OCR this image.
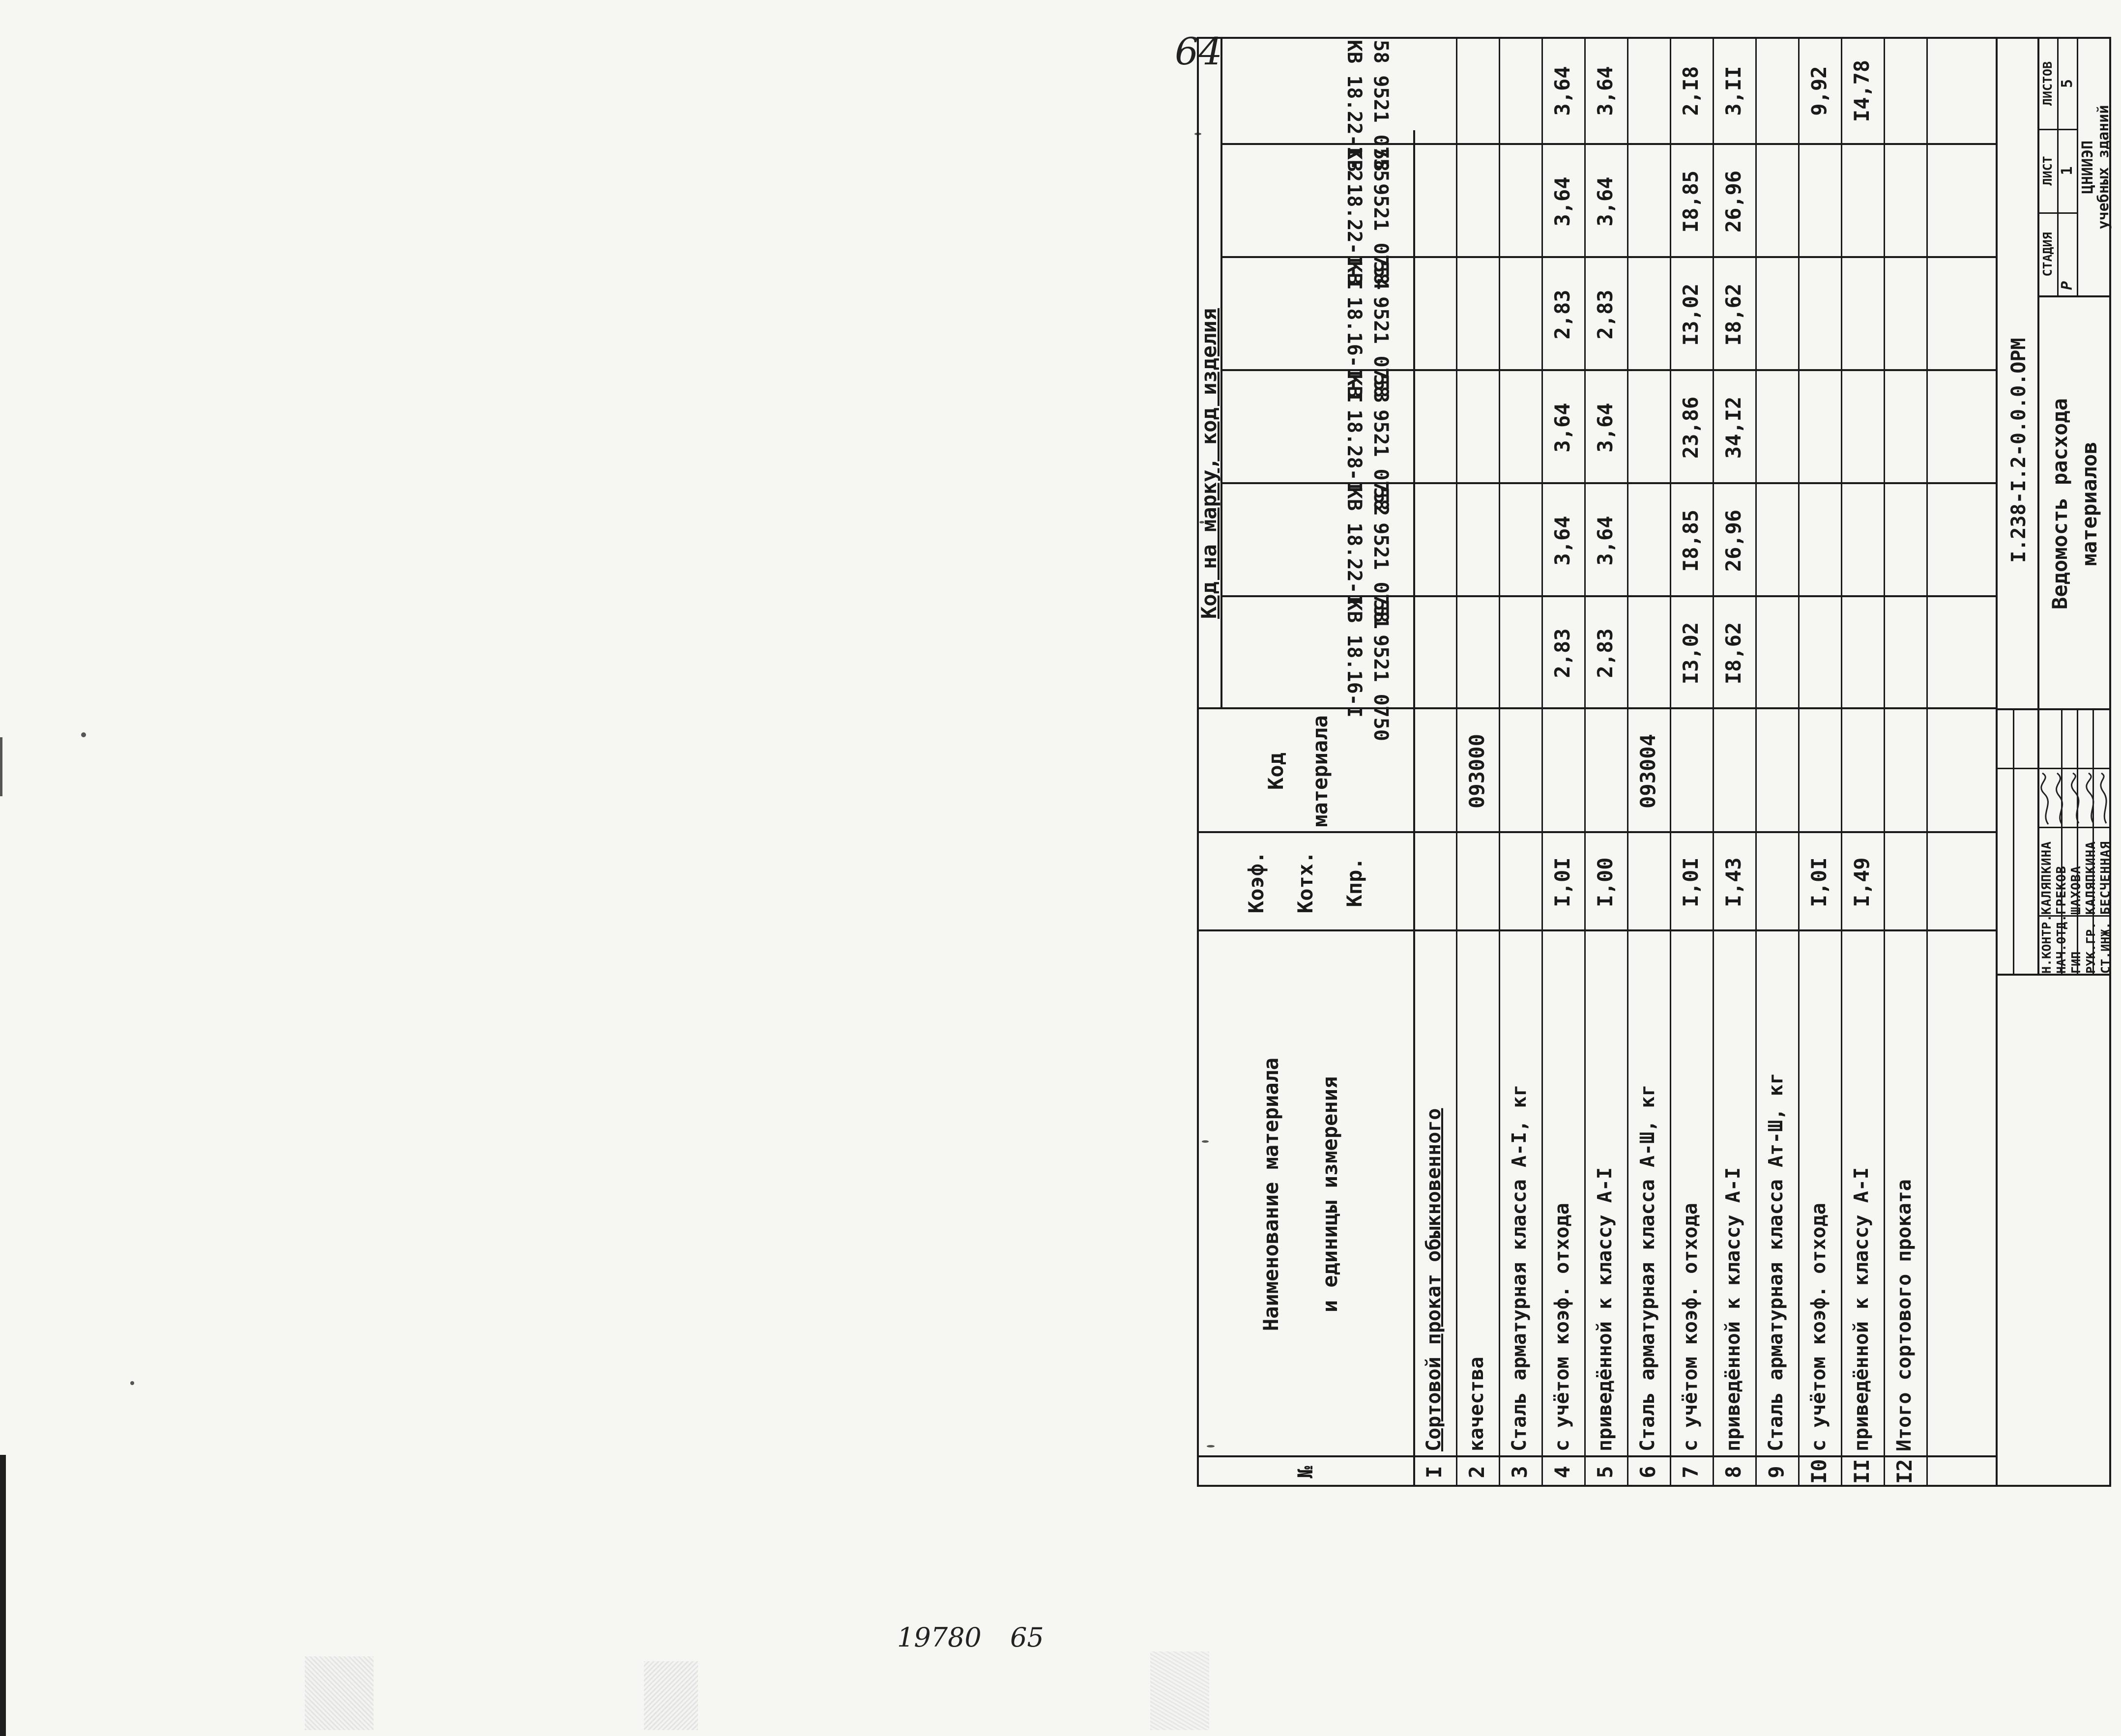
64
19780 65
№
Наименование материала и единицы измерения
Коэф. Котх. Кпр.
Код материала
Код на марку, код изделия
58 9521 0750
КВ 18.16-I
58 9521 0751
КВ 18.22-I
58 9521 0752
КВ 18.28-I
58 9521 0753
КВ 18.16-I-I
58 9521 0754
КВ 18.22-I-I
58 9521 0755
КВ 18.22-I-2
I
Сортовой прокат обыкновенного
2
качества
093000
3
Сталь арматурная класса А-I, кг
4
с учётом коэф. отхода
I,0I
2,83
3,64
3,64
2,83
3,64
3,64
5
приведённой к классу А-I
I,00
2,83
3,64
3,64
2,83
3,64
3,64
6
Сталь арматурная класса А-Ш, кг
093004
7
с учётом коэф. отхода
I,0I
I3,02
I8,85
23,86
I3,02
I8,85
2,I8
8
приведённой к классу А-I
I,43
I8,62
26,96
34,I2
I8,62
26,96
3,II
9
Сталь арматурная класса Ат-Ш, кг
I0
с учётом коэф. отхода
I,0I
9,92
II
приведённой к классу А-I
I,49
I4,78
I2
Итого сортового проката
Н.КОНТР.
КАЛЯПКИНА
НАЧ.ОТД.
ГРЕКОВ
ГИП
ШАХОВА
РУК.ГР.
КАЛЯПКИНА
СТ.ИНЖ.
БЕСЧЕННАЯ
I.238-I.2-0.0.0.ОРМ Ведомость расхода материалов
СТАДИЯ
ЛИСТ
ЛИСТОВ
Р
1
5
ЦНИИЭП
учебных зданий
